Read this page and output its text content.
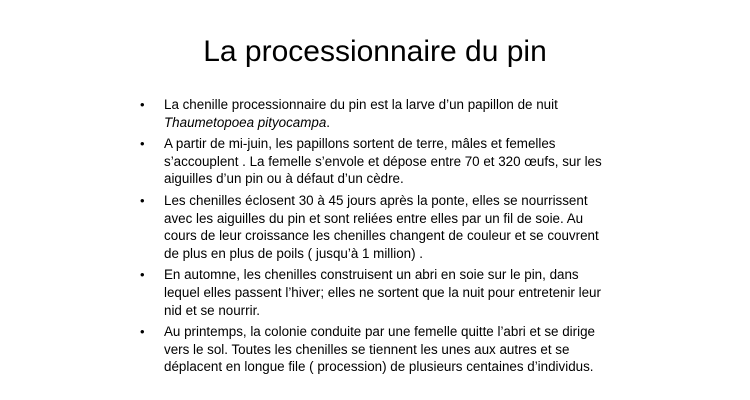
La processionnaire du pin
• La chenille processionnaire du pin est la larve d’un papillon de nuit Thaumetopoea pityocampa.
• A partir de mi-juin, les papillons sortent de terre, mâles et femelles s’accouplent . La femelle s’envole et dépose entre 70 et 320 œufs, sur les aiguilles d’un pin ou à défaut d’un cèdre.
• Les chenilles éclosent 30 à 45 jours après la ponte, elles se nourrissent avec les aiguilles du pin et sont reliées entre elles par un fil de soie. Au cours de leur croissance les chenilles changent de couleur et se couvrent de plus en plus de poils ( jusqu’à 1 million) .
• En automne, les chenilles construisent un abri en soie sur le pin, dans lequel elles passent l’hiver; elles ne sortent que la nuit pour entretenir leur nid et se nourrir.
• Au printemps, la colonie conduite par une femelle quitte l’abri et se dirige vers le sol. Toutes les chenilles se tiennent les unes aux autres et se déplacent en longue file ( procession) de plusieurs centaines d’individus.
